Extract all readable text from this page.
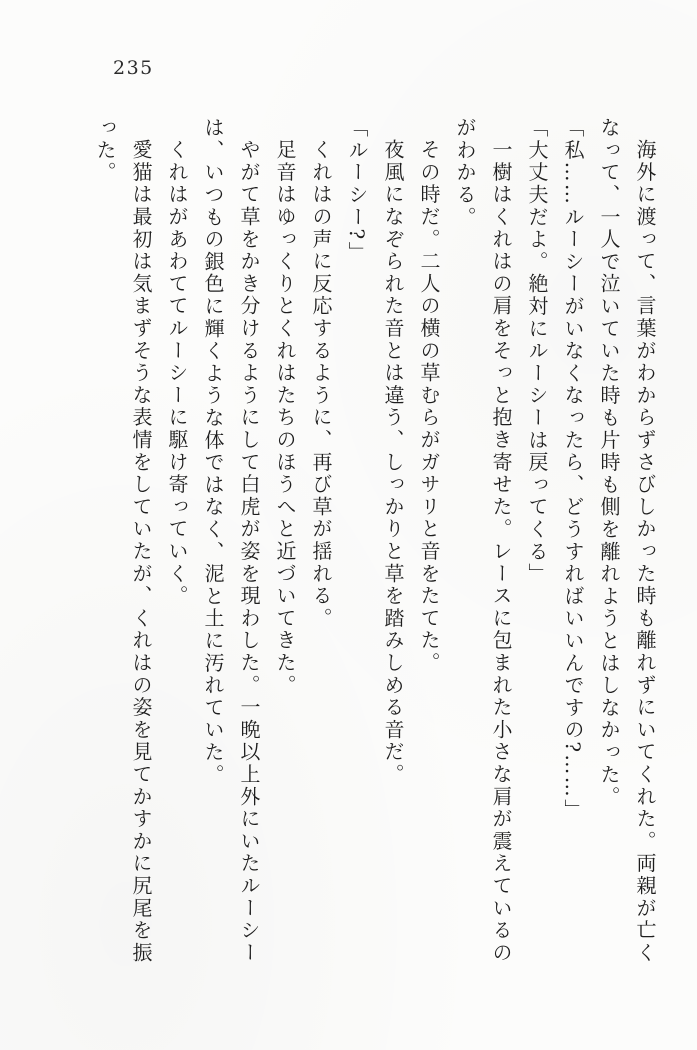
235
海外に渡って、言葉がわからずさびしかった時も離れずにいてくれた。両親が亡く
なって、一人で泣いていた時も片時も側を離れようとはしなかった。
「私……ルーシーがいなくなったら、どうすればいいんですの?……」
「大丈夫だよ。絶対にルーシーは戻ってくる」
一樹はくれはの肩をそっと抱き寄せた。レースに包まれた小さな肩が震えているの
がわかる。
その時だ。二人の横の草むらがガサリと音をたてた。
夜風になぞられた音とは違う、しっかりと草を踏みしめる音だ。
「ルーシー?」
くれはの声に反応するように、再び草が揺れる。
足音はゆっくりとくれはたちのほうへと近づいてきた。
やがて草をかき分けるようにして白虎が姿を現わした。一晩以上外にいたルーシー
は、いつもの銀色に輝くような体ではなく、泥と土に汚れていた。
くれはがあわててルーシーに駆け寄っていく。
愛猫は最初は気まずそうな表情をしていたが、くれはの姿を見てかすかに尻尾を振
った。
